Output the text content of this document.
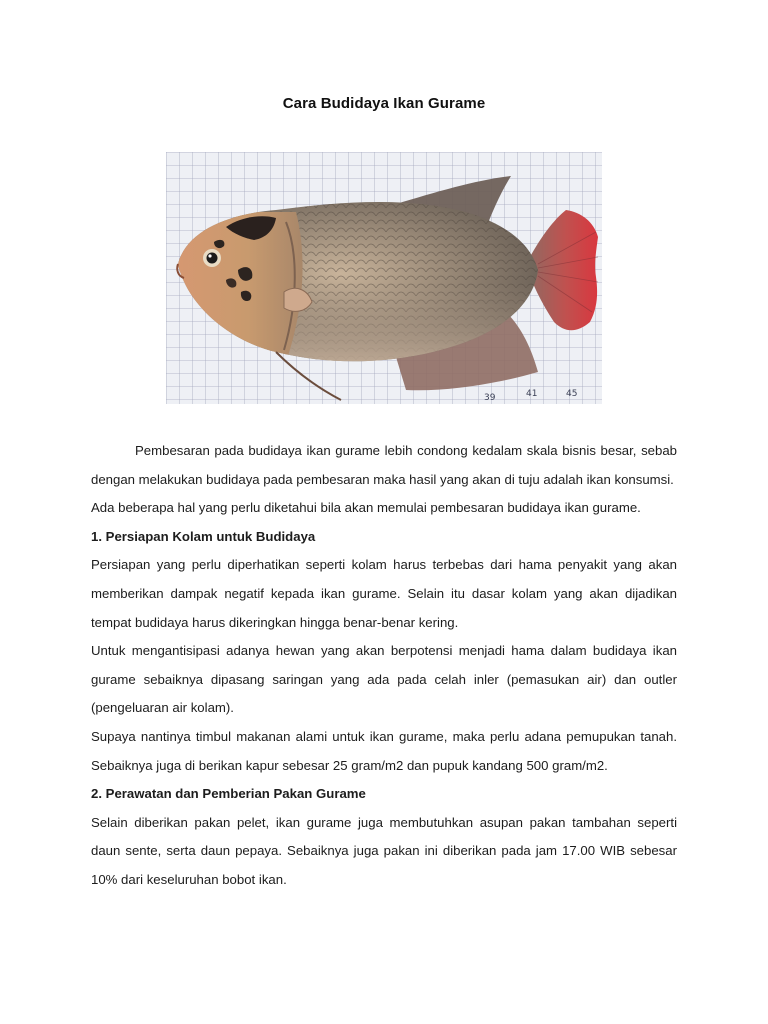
Cara Budidaya Ikan Gurame
39	41	45

Pembesaran pada budidaya ikan gurame lebih condong kedalam skala bisnis besar, sebab dengan melakukan budidaya pada pembesaran maka hasil yang akan di tuju adalah ikan konsumsi.

Ada beberapa hal yang perlu diketahui bila akan memulai pembesaran budidaya ikan gurame.

1. Persiapan Kolam untuk Budidaya

Persiapan yang perlu diperhatikan seperti kolam harus terbebas dari hama penyakit yang akan memberikan dampak negatif kepada ikan gurame. Selain itu dasar kolam yang akan dijadikan tempat budidaya harus dikeringkan hingga benar-benar kering.

Untuk mengantisipasi adanya hewan yang akan berpotensi menjadi hama dalam budidaya ikan gurame sebaiknya dipasang saringan yang ada pada celah inler (pemasukan air) dan outler (pengeluaran air kolam).

Supaya nantinya timbul makanan alami untuk ikan gurame, maka perlu adana pemupukan tanah. Sebaiknya juga di berikan kapur sebesar 25 gram/m2 dan pupuk kandang 500 gram/m2.

2. Perawatan dan Pemberian Pakan Gurame

Selain diberikan pakan pelet, ikan gurame juga membutuhkan asupan pakan tambahan seperti daun sente, serta daun pepaya. Sebaiknya juga pakan ini diberikan pada jam 17.00 WIB sebesar 10% dari keseluruhan bobot ikan.
